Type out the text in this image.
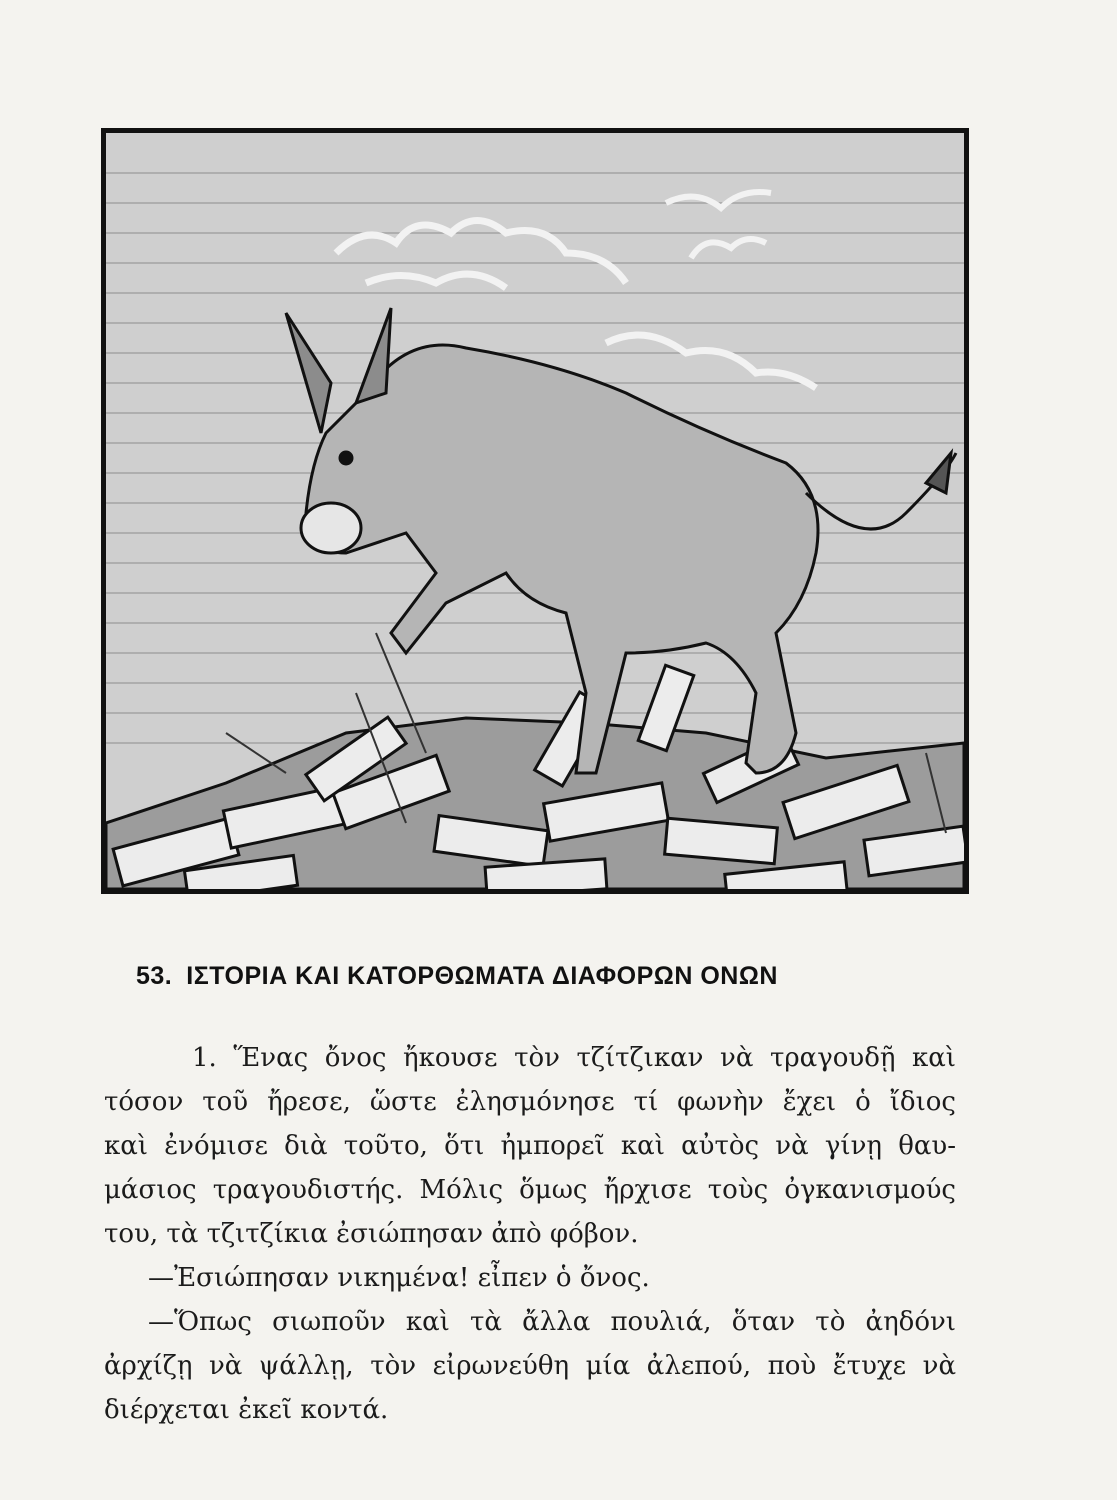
53. ΙΣΤΟΡΙΑ ΚΑΙ ΚΑΤΟΡΘΩΜΑΤΑ ΔΙΑΦΟΡΩΝ ΟΝΩΝ
1. Ἕνας ὄνος ἤκουσε τὸν τζίτζικαν νὰ τραγουδῇ καὶ
τόσον τοῦ ἤρεσε, ὥστε ἐλησμόνησε τί φωνὴν ἔχει ὁ ἴδιος
καὶ ἐνόμισε διὰ τοῦτο, ὅτι ἠμπορεῖ καὶ αὐτὸς νὰ γίνῃ θαυ-
μάσιος τραγουδιστής. Μόλις ὅμως ἤρχισε τοὺς ὀγκανισμούς
του, τὰ τζιτζίκια ἐσιώπησαν ἀπὸ φόβον.
—Ἐσιώπησαν νικημένα! εἶπεν ὁ ὄνος.
—Ὅπως σιωποῦν καὶ τὰ ἄλλα πουλιά, ὅταν τὸ ἀηδόνι
ἀρχίζῃ νὰ ψάλλῃ, τὸν εἰρωνεύθη μία ἀλεπού, ποὺ ἔτυχε νὰ
διέρχεται ἐκεῖ κοντά.
